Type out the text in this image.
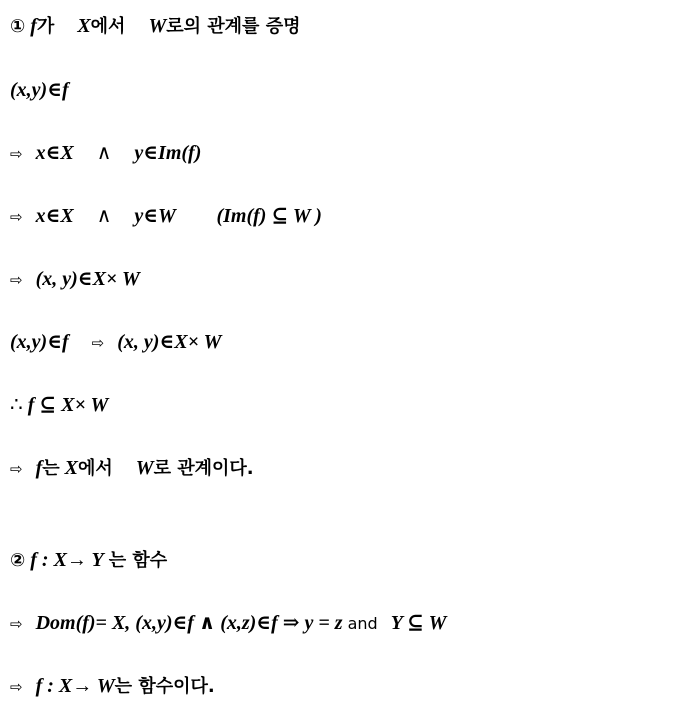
① f가 X에서 W로의 관계를 증명
(x,y)∈f
⇨ x∈X ∧ y∈Im(f)
⇨ x∈X ∧ y∈W (Im(f) ⊆ W )
⇨ (x, y)∈X× W
(x,y)∈f ⇨ (x, y)∈X× W
∴ f ⊆ X× W
⇨ f는 X에서 W로 관계이다.
② f : X→ Y 는 함수
⇨ Dom(f)= X, (x,y)∈f ∧ (x,z)∈f ⇒ y = z and Y ⊆ W
⇨ f : X→ W는 함수이다.
